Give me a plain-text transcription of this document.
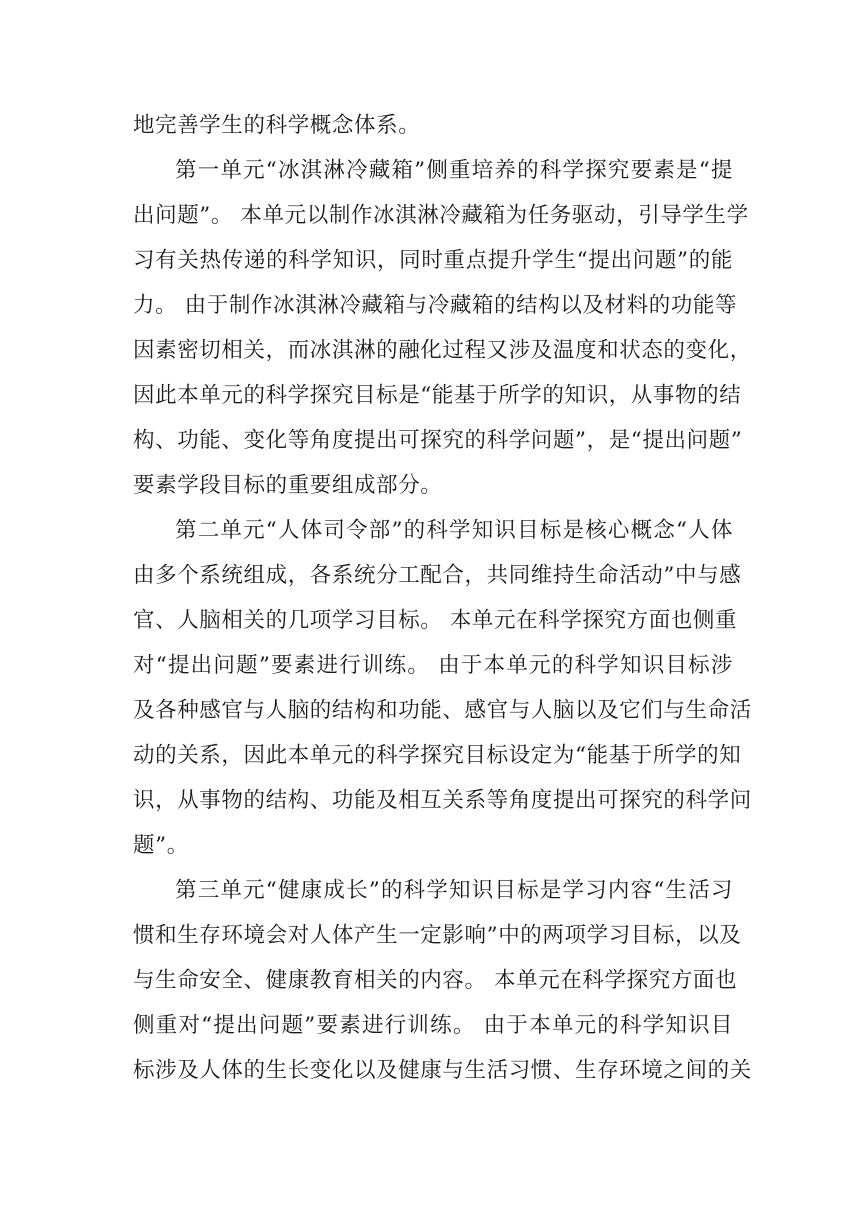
地完善学生的科学概念体系。
第一单元“冰淇淋冷藏箱”侧重培养的科学探究要素是“提
出问题”。 本单元以制作冰淇淋冷藏箱为任务驱动，引导学生学
习有关热传递的科学知识，同时重点提升学生“提出问题”的能
力。 由于制作冰淇淋冷藏箱与冷藏箱的结构以及材料的功能等
因素密切相关，而冰淇淋的融化过程又涉及温度和状态的变化，
因此本单元的科学探究目标是“能基于所学的知识，从事物的结
构、功能、变化等角度提出可探究的科学问题”，是“提出问题”
要素学段目标的重要组成部分。
第二单元“人体司令部”的科学知识目标是核心概念“人体
由多个系统组成，各系统分工配合，共同维持生命活动”中与感
官、人脑相关的几项学习目标。 本单元在科学探究方面也侧重
对“提出问题”要素进行训练。 由于本单元的科学知识目标涉
及各种感官与人脑的结构和功能、感官与人脑以及它们与生命活
动的关系，因此本单元的科学探究目标设定为“能基于所学的知
识，从事物的结构、功能及相互关系等角度提出可探究的科学问
题”。
第三单元“健康成长”的科学知识目标是学习内容“生活习
惯和生存环境会对人体产生一定影响”中的两项学习目标，以及
与生命安全、健康教育相关的内容。 本单元在科学探究方面也
侧重对“提出问题”要素进行训练。 由于本单元的科学知识目
标涉及人体的生长变化以及健康与生活习惯、生存环境之间的关
